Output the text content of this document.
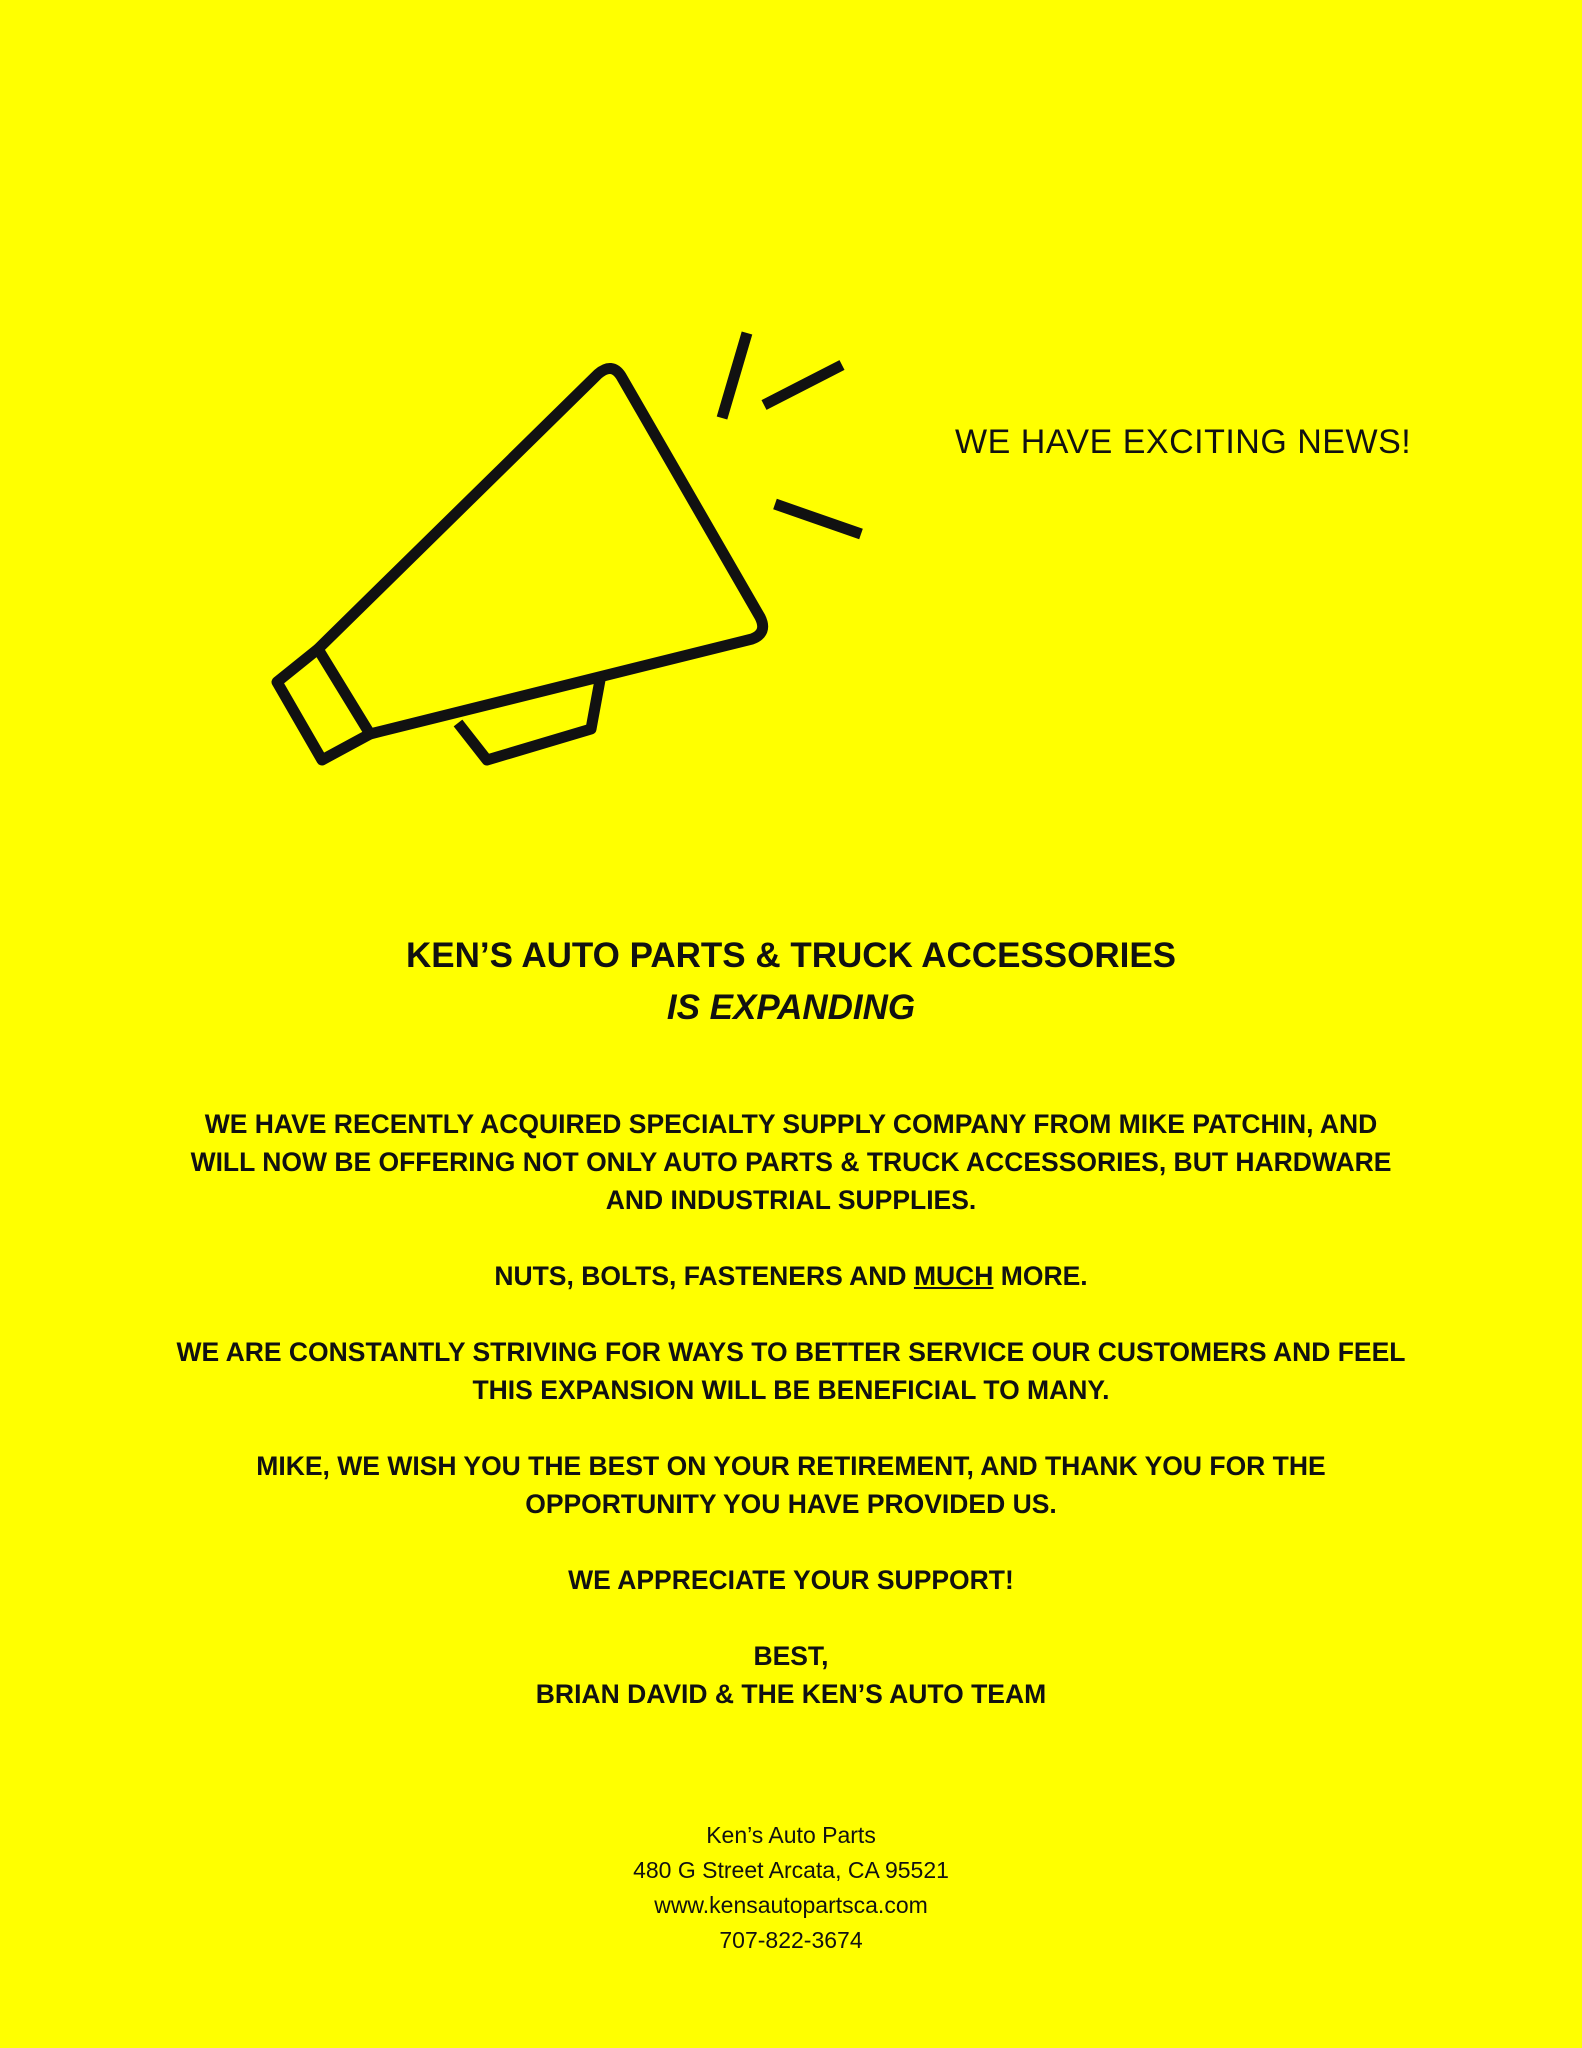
WE HAVE EXCITING NEWS!
KEN’S AUTO PARTS & TRUCK ACCESSORIES
IS EXPANDING

WE HAVE RECENTLY ACQUIRED SPECIALTY SUPPLY COMPANY FROM MIKE PATCHIN, AND
WILL NOW BE OFFERING NOT ONLY AUTO PARTS & TRUCK ACCESSORIES, BUT HARDWARE
AND INDUSTRIAL SUPPLIES.

NUTS, BOLTS, FASTENERS AND MUCH MORE.

WE ARE CONSTANTLY STRIVING FOR WAYS TO BETTER SERVICE OUR CUSTOMERS AND FEEL
THIS EXPANSION WILL BE BENEFICIAL TO MANY.

MIKE, WE WISH YOU THE BEST ON YOUR RETIREMENT, AND THANK YOU FOR THE
OPPORTUNITY YOU HAVE PROVIDED US.

WE APPRECIATE YOUR SUPPORT!

BEST,
BRIAN DAVID & THE KEN’S AUTO TEAM

Ken’s Auto Parts
480 G Street Arcata, CA 95521
www.kensautopartsca.com
707-822-3674
